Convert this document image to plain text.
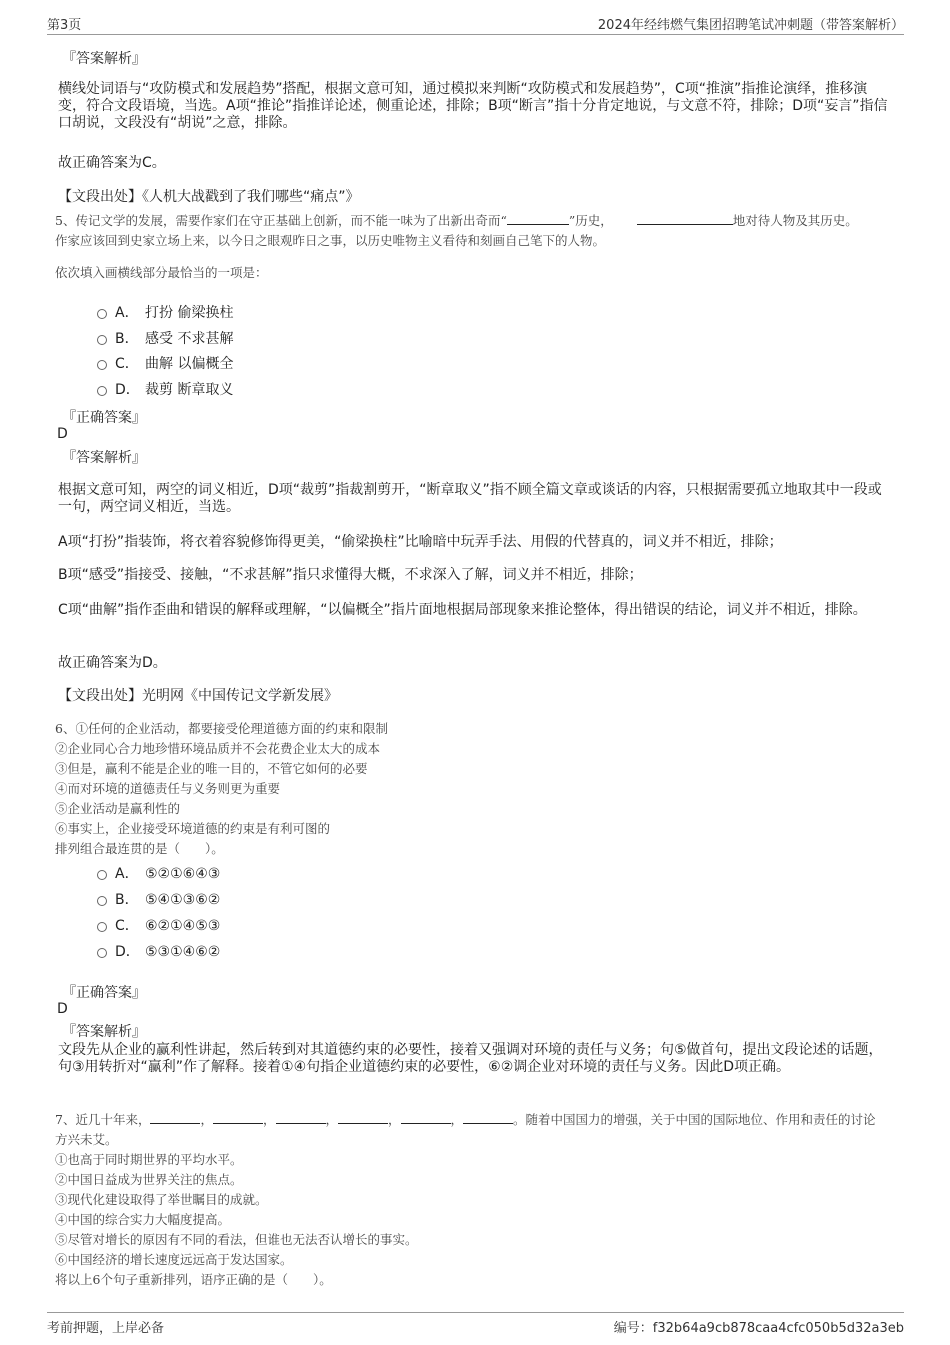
第3页	2024年经纬燃气集团招聘笔试冲刺题（带答案解析）
『答案解析』
横线处词语与“攻防模式和发展趋势”搭配，根据文意可知，通过模拟来判断“攻防模式和发展趋势”，C项“推演”指推论演绎，推移演变，符合文段语境，当选。A项“推论”指推详论述，侧重论述，排除；B项“断言”指十分肯定地说，与文意不符，排除；D项“妄言”指信口胡说，文段没有“胡说”之意，排除。
故正确答案为C。
【文段出处】《人机大战戳到了我们哪些“痛点”》
5、传记文学的发展，需要作家们在守正基础上创新，而不能一味为了出新出奇而“	”历史，	地对待人物及其历史。
作家应该回到史家立场上来，以今日之眼观昨日之事，以历史唯物主义看待和刻画自己笔下的人物。
依次填入画横线部分最恰当的一项是：
A． 打扮 偷梁换柱
B． 感受 不求甚解
C． 曲解 以偏概全
D． 裁剪 断章取义
『正确答案』
D
『答案解析』
根据文意可知，两空的词义相近，D项“裁剪”指裁割剪开，“断章取义”指不顾全篇文章或谈话的内容，只根据需要孤立地取其中一段或一句，两空词义相近，当选。
A项“打扮”指装饰，将衣着容貌修饰得更美，“偷梁换柱”比喻暗中玩弄手法、用假的代替真的，词义并不相近，排除；
B项“感受”指接受、接触，“不求甚解”指只求懂得大概，不求深入了解，词义并不相近，排除；
C项“曲解”指作歪曲和错误的解释或理解，“以偏概全”指片面地根据局部现象来推论整体，得出错误的结论，词义并不相近，排除。
故正确答案为D。
【文段出处】光明网《中国传记文学新发展》
6、①任何的企业活动，都要接受伦理道德方面的约束和限制
②企业同心合力地珍惜环境品质并不会花费企业太大的成本
③但是，赢利不能是企业的唯一目的，不管它如何的必要
④而对环境的道德责任与义务则更为重要
⑤企业活动是赢利性的
⑥事实上，企业接受环境道德的约束是有利可图的
排列组合最连贯的是（　　）。
A． ⑤②①⑥④③
B． ⑤④①③⑥②
C． ⑥②①④⑤③
D． ⑤③①④⑥②
『正确答案』
D
『答案解析』
文段先从企业的赢利性讲起，然后转到对其道德约束的必要性，接着又强调对环境的责任与义务；句⑤做首句，提出文段论述的话题，句③用转折对“赢利”作了解释。接着①④句指企业道德约束的必要性，⑥②调企业对环境的责任与义务。因此D项正确。
7、近几十年来，	，	，	，	，	，	。随着中国国力的增强，关于中国的国际地位、作用和责任的讨论
方兴未艾。
①也高于同时期世界的平均水平。
②中国日益成为世界关注的焦点。
③现代化建设取得了举世瞩目的成就。
④中国的综合实力大幅度提高。
⑤尽管对增长的原因有不同的看法，但谁也无法否认增长的事实。
⑥中国经济的增长速度远远高于发达国家。
将以上6个句子重新排列，语序正确的是（　　）。
考前押题，上岸必备	编号：f32b64a9cb878caa4cfc050b5d32a3eb
